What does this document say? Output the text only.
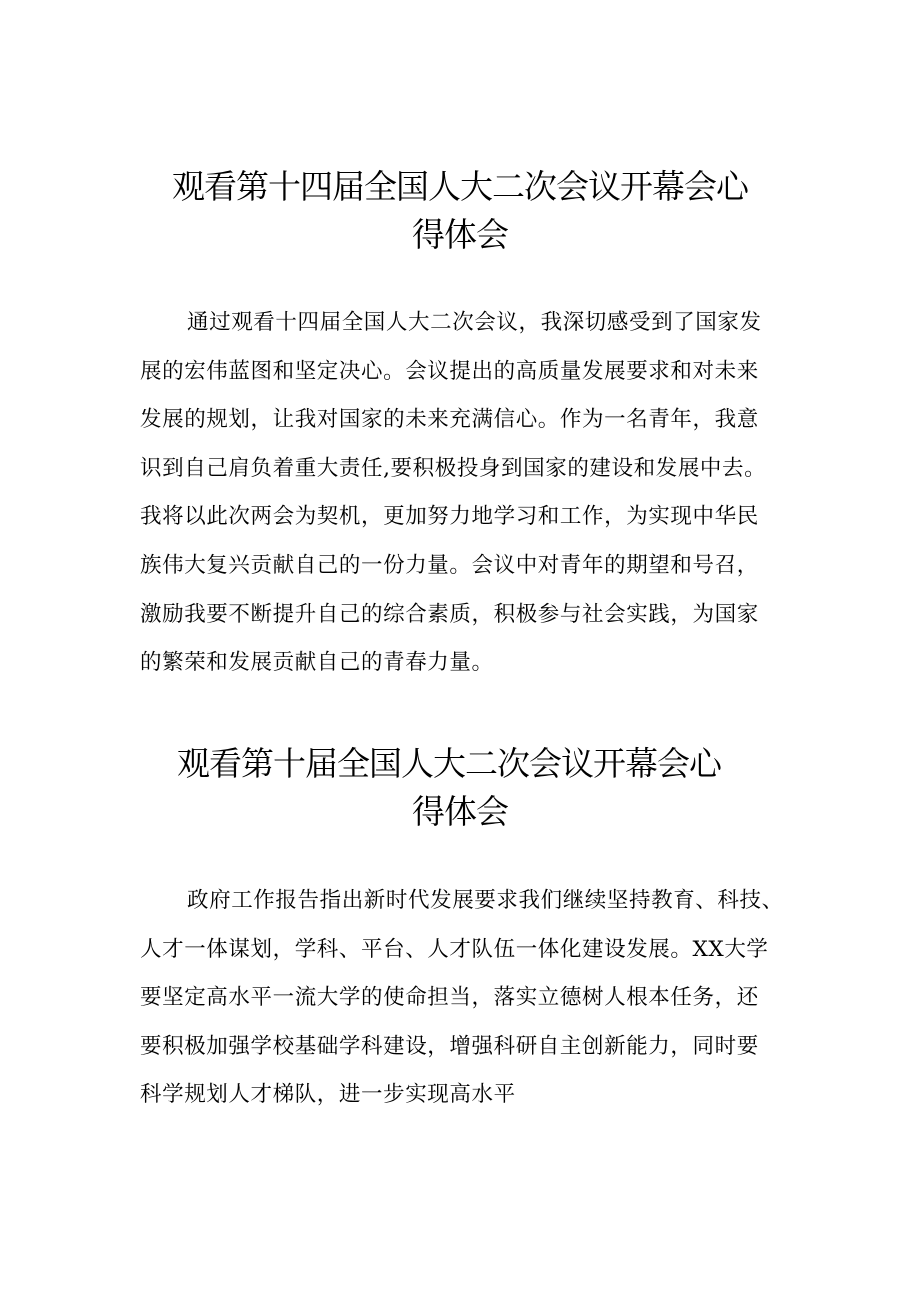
观看第十四届全国人大二次会议开幕会心
得体会
通过观看十四届全国人大二次会议，我深切感受到了国家发
展的宏伟蓝图和坚定决心。会议提出的高质量发展要求和对未来
发展的规划，让我对国家的未来充满信心。作为一名青年，我意
识到自己肩负着重大责任,要积极投身到国家的建设和发展中去。
我将以此次两会为契机，更加努力地学习和工作，为实现中华民
族伟大复兴贡献自己的一份力量。会议中对青年的期望和号召，
激励我要不断提升自己的综合素质，积极参与社会实践，为国家
的繁荣和发展贡献自己的青春力量。
观看第十届全国人大二次会议开幕会心
得体会
政府工作报告指出新时代发展要求我们继续坚持教育、科技、
人才一体谋划，学科、平台、人才队伍一体化建设发展。XX大学
要坚定高水平一流大学的使命担当，落实立德树人根本任务，还
要积极加强学校基础学科建设，增强科研自主创新能力，同时要
科学规划人才梯队，进一步实现高水平
